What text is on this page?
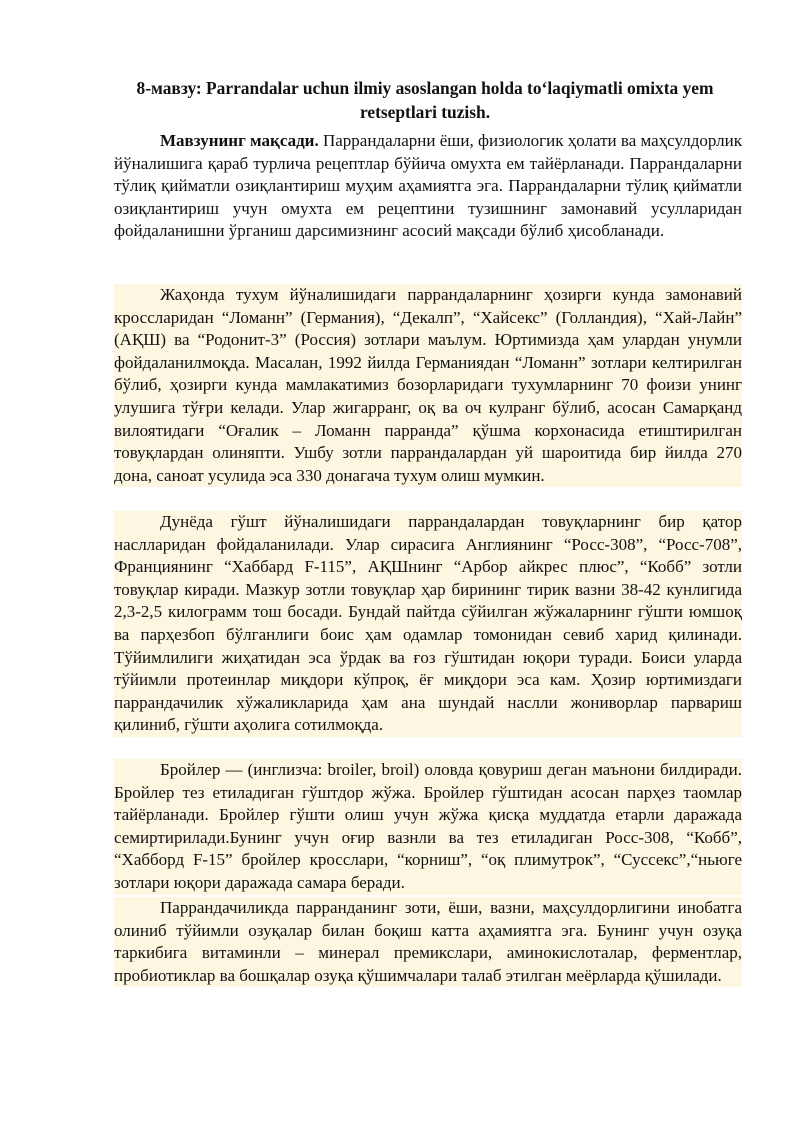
8-мавзу: Parrandalar uchun ilmiy asoslangan holda toʻlaqiymatli omixta yem
retseptlari tuzish.

Мавзунинг мақсади. Паррандаларни ёши, физиологик ҳолати ва маҳсулдорлик йўналишига қараб турлича рецептлар бўйича омухта ем тайёрланади. Паррандаларни тўлиқ қийматли озиқлантириш муҳим аҳамиятга эга. Паррандаларни тўлиқ қийматли озиқлантириш учун омухта ем рецептини тузишнинг замонавий усулларидан фойдаланишни ўрганиш дарсимизнинг асосий мақсади бўлиб ҳисобланади.

Жаҳонда тухум йўналишидаги паррандаларнинг ҳозирги кунда замонавий кроссларидан “Ломанн” (Германия), “Декалп”, “Хайсекс” (Голландия), “Хай-Лайн” (АҚШ) ва “Родонит-3” (Россия) зотлари маълум. Юртимизда ҳам улардан унумли фойдаланилмоқда. Масалан, 1992 йилда Германиядан “Ломанн” зотлари келтирилган бўлиб, ҳозирги кунда мамлакатимиз бозорларидаги тухумларнинг 70 фоизи унинг улушига тўғри келади. Улар жигарранг, оқ ва оч кулранг бўлиб, асосан Самарқанд вилоятидаги “Оғалик – Ломанн парранда” қўшма корхонасида етиштирилган товуқлардан олиняпти. Ушбу зотли паррандалардан уй шароитида бир йилда 270 дона, саноат усулида эса 330 донагача тухум олиш мумкин.

Дунёда гўшт йўналишидаги паррандалардан товуқларнинг бир қатор наслларидан фойдаланилади. Улар сирасига Англиянинг “Росс-308”, “Росс-708”, Франциянинг “Хаббард F-115”, АҚШнинг “Арбор айкрес плюс”, “Кобб” зотли товуқлар киради. Мазкур зотли товуқлар ҳар бирининг тирик вазни 38-42 кунлигида 2,3-2,5 килограмм тош босади. Бундай пайтда сўйилган жўжаларнинг гўшти юмшоқ ва парҳезбоп бўлганлиги боис ҳам одамлар томонидан севиб харид қилинади. Тўйимлилиги жиҳатидан эса ўрдак ва ғоз гўштидан юқори туради. Боиси уларда тўйимли протеинлар миқдори кўпроқ, ёғ миқдори эса кам. Ҳозир юртимиздаги паррандачилик хўжаликларида ҳам ана шундай наслли жониворлар парвариш қилиниб, гўшти аҳолига сотилмоқда.

Бройлер — (инглизча: broiler, broil) оловда қовуриш деган маънони билдиради. Бройлер тез етиладиган гўштдор жўжа. Бройлер гўштидан асосан парҳез таомлар тайёрланади. Бройлер гўшти олиш учун жўжа қисқа муддатда етарли даражада семиртирилади.Бунинг учун оғир вазнли ва тез етиладиган Росс-308, “Кобб”, “Хабборд F-15” бройлер кросслари, “корниш”, “оқ плимутрок”, “Суссекс”,“ньюге зотлари юқори даражада самара беради.

Паррандачиликда парранданинг зоти, ёши, вазни, маҳсулдорлигини инобатга олиниб тўйимли озуқалар билан боқиш катта аҳамиятга эга. Бунинг учун озуқа таркибига витаминли – минерал премикслари, аминокислоталар, ферментлар, пробиотиклар ва бошқалар озуқа қўшимчалари талаб этилган меёрларда қўшилади.
